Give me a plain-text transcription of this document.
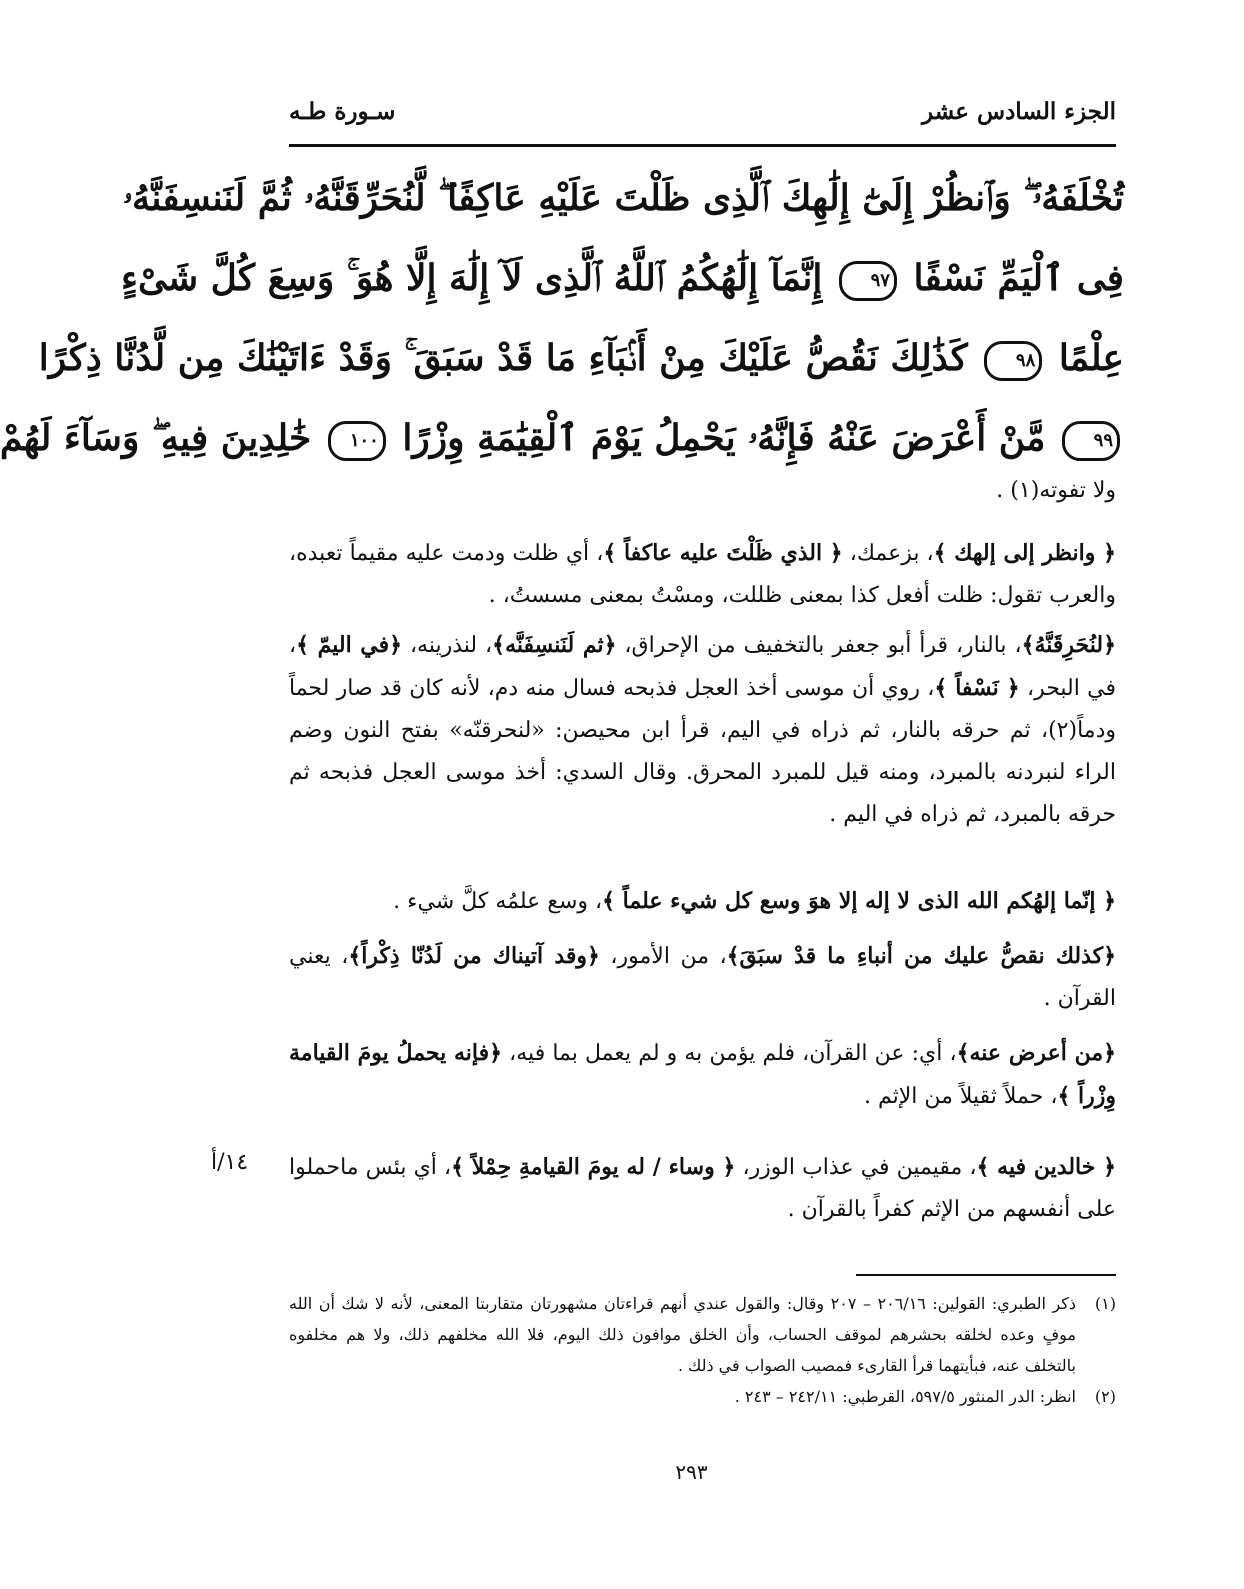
الجزء السادس عشر
سـورة طـه
تُخْلَفَهُۥ ۖ وَٱنظُرْ إِلَىٰٓ إِلَٰهِكَ ٱلَّذِى ظَلْتَ عَلَيْهِ عَاكِفًا ۖ لَّنُحَرِّقَنَّهُۥ ثُمَّ لَنَنسِفَنَّهُۥ
فِى ٱلْيَمِّ نَسْفًا ٩٧ إِنَّمَآ إِلَٰهُكُمُ ٱللَّهُ ٱلَّذِى لَآ إِلَٰهَ إِلَّا هُوَ ۚ وَسِعَ كُلَّ شَىْءٍ
عِلْمًا ٩٨ كَذَٰلِكَ نَقُصُّ عَلَيْكَ مِنْ أَنۢبَآءِ مَا قَدْ سَبَقَ ۚ وَقَدْ ءَاتَيْنَٰكَ مِن لَّدُنَّا ذِكْرًا
٩٩ مَّنْ أَعْرَضَ عَنْهُ فَإِنَّهُۥ يَحْمِلُ يَوْمَ ٱلْقِيَٰمَةِ وِزْرًا ١٠٠ خَٰلِدِينَ فِيهِ ۖ وَسَآءَ لَهُمْ
ولا تفوته(١) .
﴿ وانظر إلى إلهك ﴾، بزعمك، ﴿ الذي ظَلْتَ عليه عاكفاً ﴾، أي ظلت ودمت عليه مقيماً تعبده، والعرب تقول: ظلت أفعل كذا بمعنى ظللت، ومسْتُ بمعنى مسستُ، .
﴿لنُحَرِقَنَّهُ﴾، بالنار، قرأ أبو جعفر بالتخفيف من الإحراق، ﴿ثم لَنَنسِفَنَّه﴾، لنذرينه، ﴿في اليمّ ﴾، في البحر، ﴿ نَسْفاً ﴾، روي أن موسى أخذ العجل فذبحه فسال منه دم، لأنه كان قد صار لحماً ودماً(٢)، ثم حرقه بالنار، ثم ذراه في اليم، قرأ ابن محيصن: «لنحرقنّه» بفتح النون وضم الراء لنبردنه بالمبرد، ومنه قيل للمبرد المحرق. وقال السدي: أخذ موسى العجل فذبحه ثم حرقه بالمبرد، ثم ذراه في اليم .
﴿ إنّما إلهُكم الله الذى لا إله إلا هوَ وسع كل شيء علماً ﴾، وسع علمُه كلَّ شيء .
﴿كذلك نقصُّ عليك من أنباءِ ما قدْ سبَقَ﴾، من الأمور، ﴿وقد آتيناك من لَدُنّا ذِكْراً﴾، يعني القرآن .
﴿من أعرض عنه﴾، أي: عن القرآن، فلم يؤمن به و لم يعمل بما فيه، ﴿فإنه يحملُ يومَ القيامة وِزْراً ﴾، حملاً ثقيلاً من الإثم .
﴿ خالدين فيه ﴾، مقيمين في عذاب الوزر، ﴿ وساء / له يومَ القيامةِ حِمْلاً ﴾، أي بئس ماحملوا على أنفسهم من الإثم كفراً بالقرآن .
١٤/أ
(١)
ذكر الطبري: القولين: ٢٠٦/١٦ – ٢٠٧ وقال: والقول عندي أنهم قراءتان مشهورتان متقاربتا المعنى، لأنه لا شك أن الله موفٍ وعده لخلقه بحشرهم لموقف الحساب، وأن الخلق موافون ذلك اليوم، فلا الله مخلفهم ذلك، ولا هم مخلفوه بالتخلف عنه، فبأيتهما قرأ القارىء فمصيب الصواب في ذلك .
(٢)
انظر: الدر المنثور ٥٩٧/٥، القرطبي: ٢٤٢/١١ – ٢٤٣ .
٢٩٣
